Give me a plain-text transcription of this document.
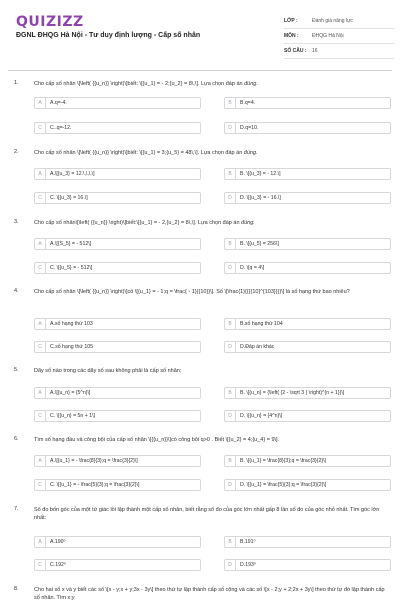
QUIZIZZ
ĐGNL ĐHQG Hà Nội - Tư duy định lượng - Cấp số nhân
LỚP :	Đánh giá năng lực
MÔN :	ĐHQG Hà Nội
SỐ CÂU :	16
1.	Cho cấp số nhân \[\left( {{u_n}} \right)\]biết: \[{u_1} = - 2;{u_2} = 8\,\]. Lựa chọn đáp án đúng.
A	A.q=-4.	B	B.q=4.
C	C..q=-12.	D	D.q=10.
2.	Cho cấp số nhân \[\left( {{u_n}} \right)\]biết: \[{u_1} = 3;{u_5} = 48\,\]. Lựa chọn đáp án đúng.
A	A.\[{u_3} = 12.\,\,\,\]	B	B. \[{u_3} = - 12.\]
C	C. \[{u_3} = 16.\]	D	D. \[{u_3} = - 16.\]
3.	Cho cấp số nhân\[\left( {{u_n}} \right)\]biết:\[{u_1} = - 2,{u_2} = 8\,\]. Lựa chọn đáp án đúng.
A	A.\[{S_5} = - 512\]	B	B. \[{u_5} = 256\]
C	C. \[{u_5} = - 512\]	D	D. \[q = 4\]
4.	Cho cấp số nhân \[\left( {{u_n}} \right)\]có \[{u_1} = - 1;q = \frac{ - 1}{{10}}\]. Số \[\frac{1}{{{{10}^{103}}}}\] là số hạng thứ bao nhiêu?
A	A.số hạng thứ 103	B	B.số hạng thứ 104
C	C.số hạng thứ 105	D	D.Đáp án khác
5.	Dãy số nào trong các dãy số sau không phải là cấp số nhân:
A	A.\[{u_n} = {5^n}\]	B	B. \[{u_n} = {\left( {2 - \sqrt 3 } \right)^{n + 1}}\]
C	C. \[{u_n} = 5n + 1\]	D	D. \[{u_n} = {4^n}\]
6.	Tìm số hạng đầu và công bội của cấp số nhân \[{{u_n}}\]có công bội q>0 . Biết \[{u_2} = 4;{u_4} = 9\].
A	A.\[{u_1} = - \frac{8}{3};q = \frac{3}{2}\]	B	B. \[{u_1} = \frac{8}{3};q = \frac{3}{2}\]
C	C. \[{u_1} = - \frac{5}{3};q = \frac{3}{2}\]	D	D. \[{u_1} = \frac{5}{3};q = \frac{3}{2}\]
7.	Số đo bốn góc của một tứ giác lồi lập thành một cấp số nhân, biết rằng số đo của góc lớn nhất gấp 8 lần số đo của góc nhỏ nhất. Tìm góc lớn nhất:
A	A.190⁰	B	B.191⁰
C	C.192⁰	D	D.193⁰
8.	Cho hai số x và y biết các số \[x - y;x + y;3x - 3y\] theo thứ tự lập thành cấp số cộng và các số \[x - 2;y + 2;2x + 3y\] theo thứ tự đó lập thành cấp số nhân. Tìm x;y
